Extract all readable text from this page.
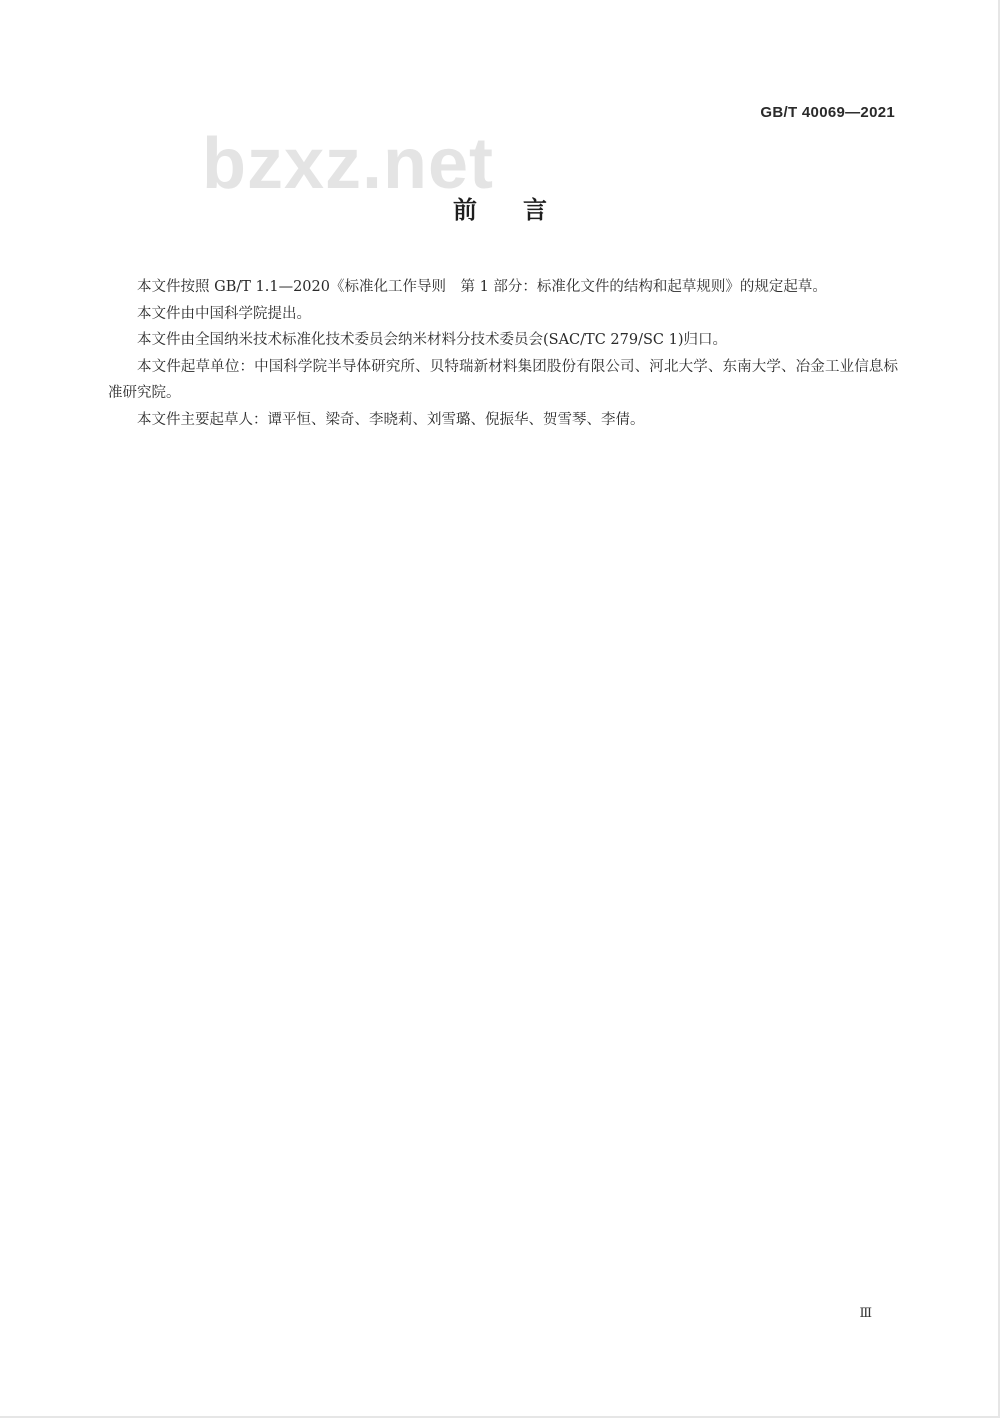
GB/T 40069—2021
bzxz.net
前言

本文件按照 GB/T 1.1—2020《标准化工作导则　第 1 部分：标准化文件的结构和起草规则》的规定起草。

本文件由中国科学院提出。

本文件由全国纳米技术标准化技术委员会纳米材料分技术委员会(SAC/TC 279/SC 1)归口。

本文件起草单位：中国科学院半导体研究所、贝特瑞新材料集团股份有限公司、河北大学、东南大学、冶金工业信息标准研究院。

本文件主要起草人：谭平恒、梁奇、李晓莉、刘雪璐、倪振华、贺雪琴、李倩。

Ⅲ
